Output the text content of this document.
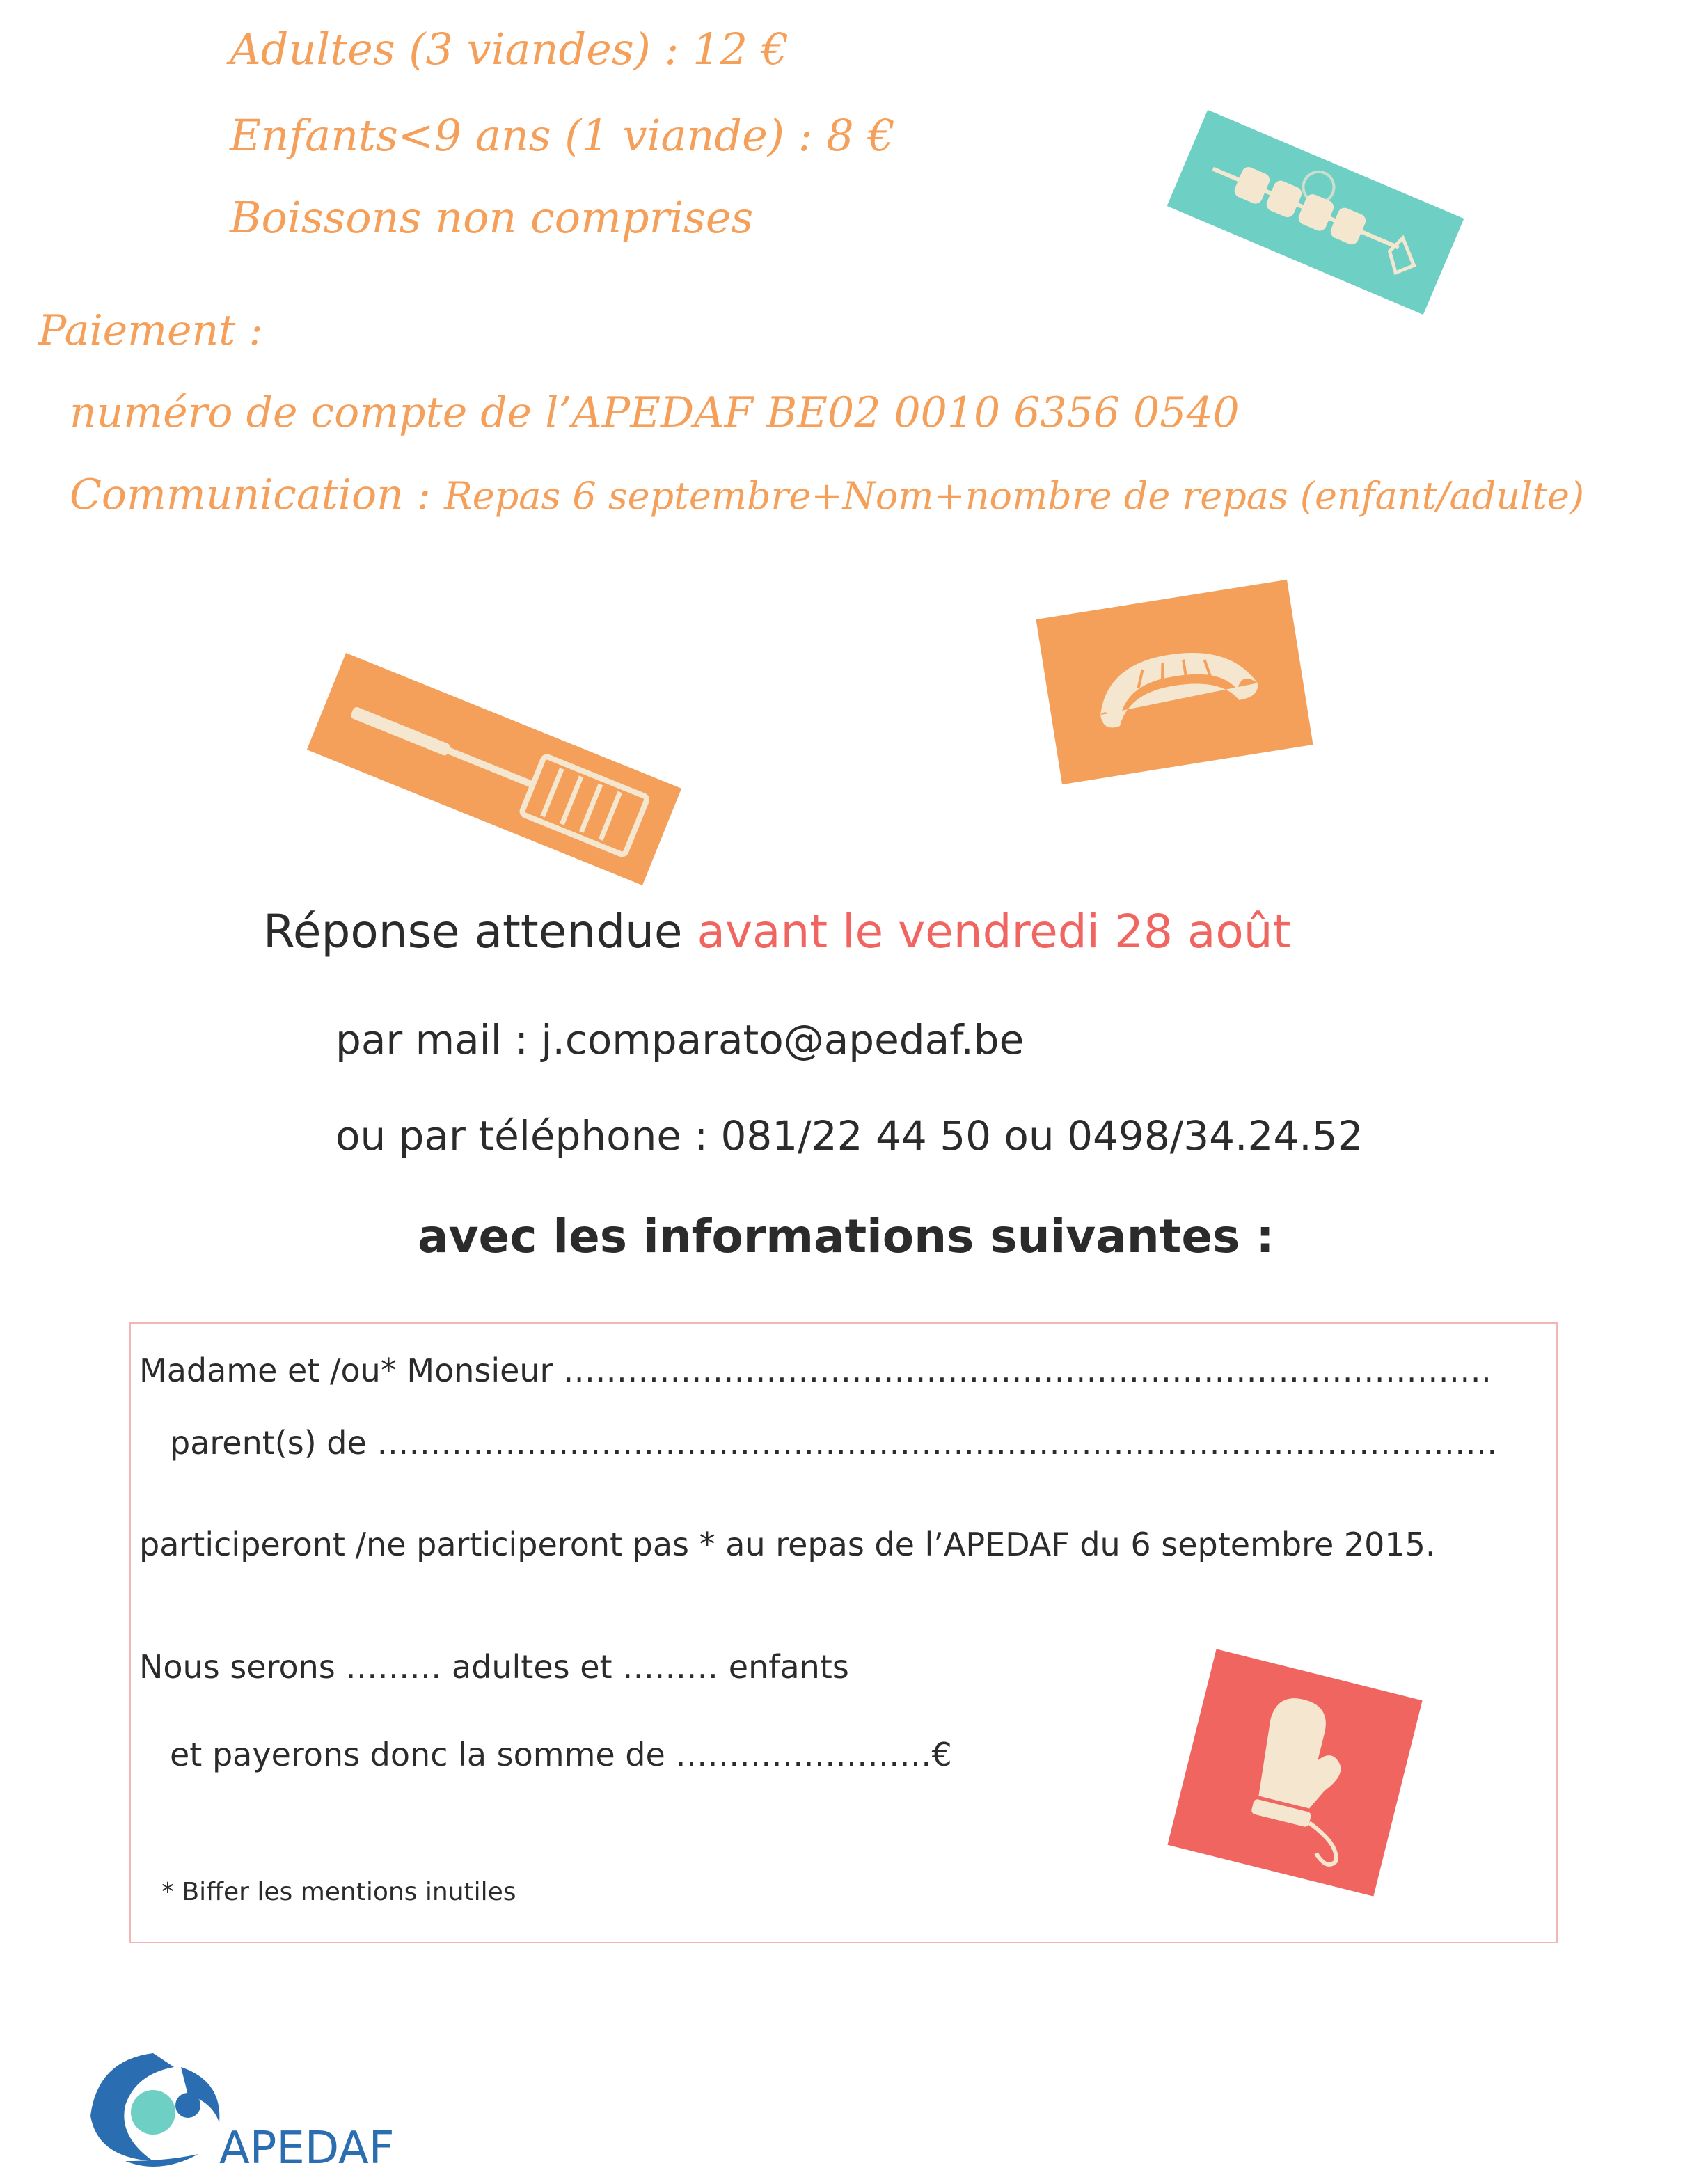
Adultes (3 viandes) : 12 €
Enfants<9 ans (1 viande) : 8 €
Boissons non comprises
Paiement :
numéro de compte de l’APEDAF BE02 0010 6356 0540
Communication : Repas 6 septembre+Nom+nombre de repas (enfant/adulte)
Réponse attendue avant le vendredi 28 août
par mail : j.comparato@apedaf.be
ou par téléphone : 081/22 44 50 ou 0498/34.24.52
avec les informations suivantes :
Madame et /ou* Monsieur ……………………………………………………………………………
parent(s) de ……………………………………………………………………………………………
participeront /ne participeront pas * au repas de l’APEDAF du 6 septembre 2015.
Nous serons ……… adultes et ……… enfants
et payerons donc la somme de ……………………€
* Biffer les mentions inutiles
APEDAF
